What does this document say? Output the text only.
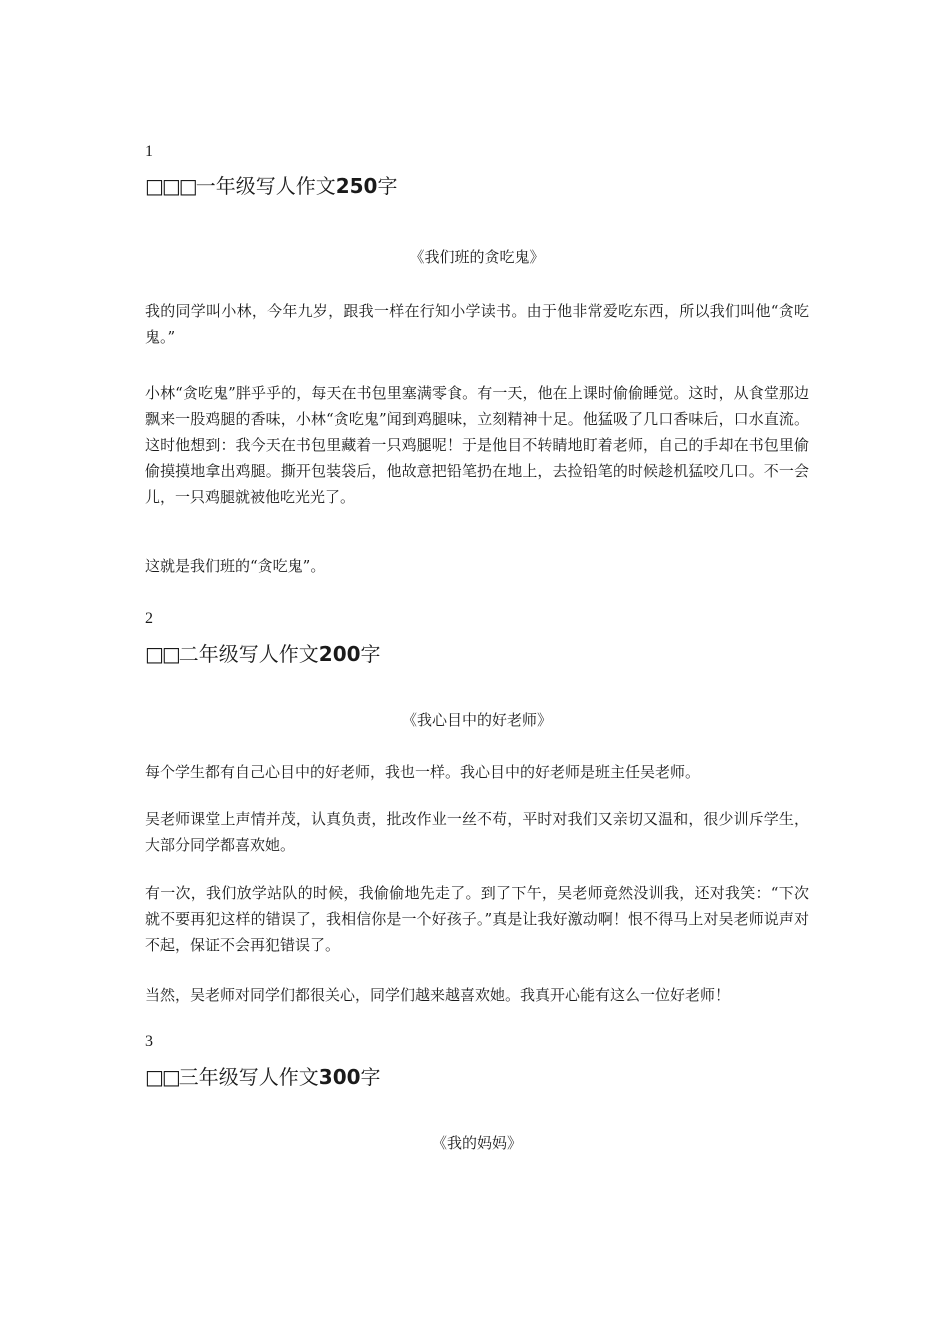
1
□□□一年级写人作文250字
《我们班的贪吃鬼》

我的同学叫小林，今年九岁，跟我一样在行知小学读书。由于他非常爱吃东西，所以我们叫他“贪吃鬼。”

小林“贪吃鬼”胖乎乎的，每天在书包里塞满零食。有一天，他在上课时偷偷睡觉。这时，从食堂那边飘来一股鸡腿的香味，小林“贪吃鬼”闻到鸡腿味，立刻精神十足。他猛吸了几口香味后，口水直流。这时他想到：我今天在书包里藏着一只鸡腿呢！于是他目不转睛地盯着老师，自己的手却在书包里偷偷摸摸地拿出鸡腿。撕开包装袋后，他故意把铅笔扔在地上，去捡铅笔的时候趁机猛咬几口。不一会儿，一只鸡腿就被他吃光光了。

这就是我们班的“贪吃鬼”。

2
□□二年级写人作文200字
《我心目中的好老师》

每个学生都有自己心目中的好老师，我也一样。我心目中的好老师是班主任吴老师。

吴老师课堂上声情并茂，认真负责，批改作业一丝不苟，平时对我们又亲切又温和，很少训斥学生，大部分同学都喜欢她。

有一次，我们放学站队的时候，我偷偷地先走了。到了下午，吴老师竟然没训我，还对我笑：“下次就不要再犯这样的错误了，我相信你是一个好孩子。”真是让我好激动啊！恨不得马上对吴老师说声对不起，保证不会再犯错误了。

当然，吴老师对同学们都很关心，同学们越来越喜欢她。我真开心能有这么一位好老师！

3
□□三年级写人作文300字
《我的妈妈》
